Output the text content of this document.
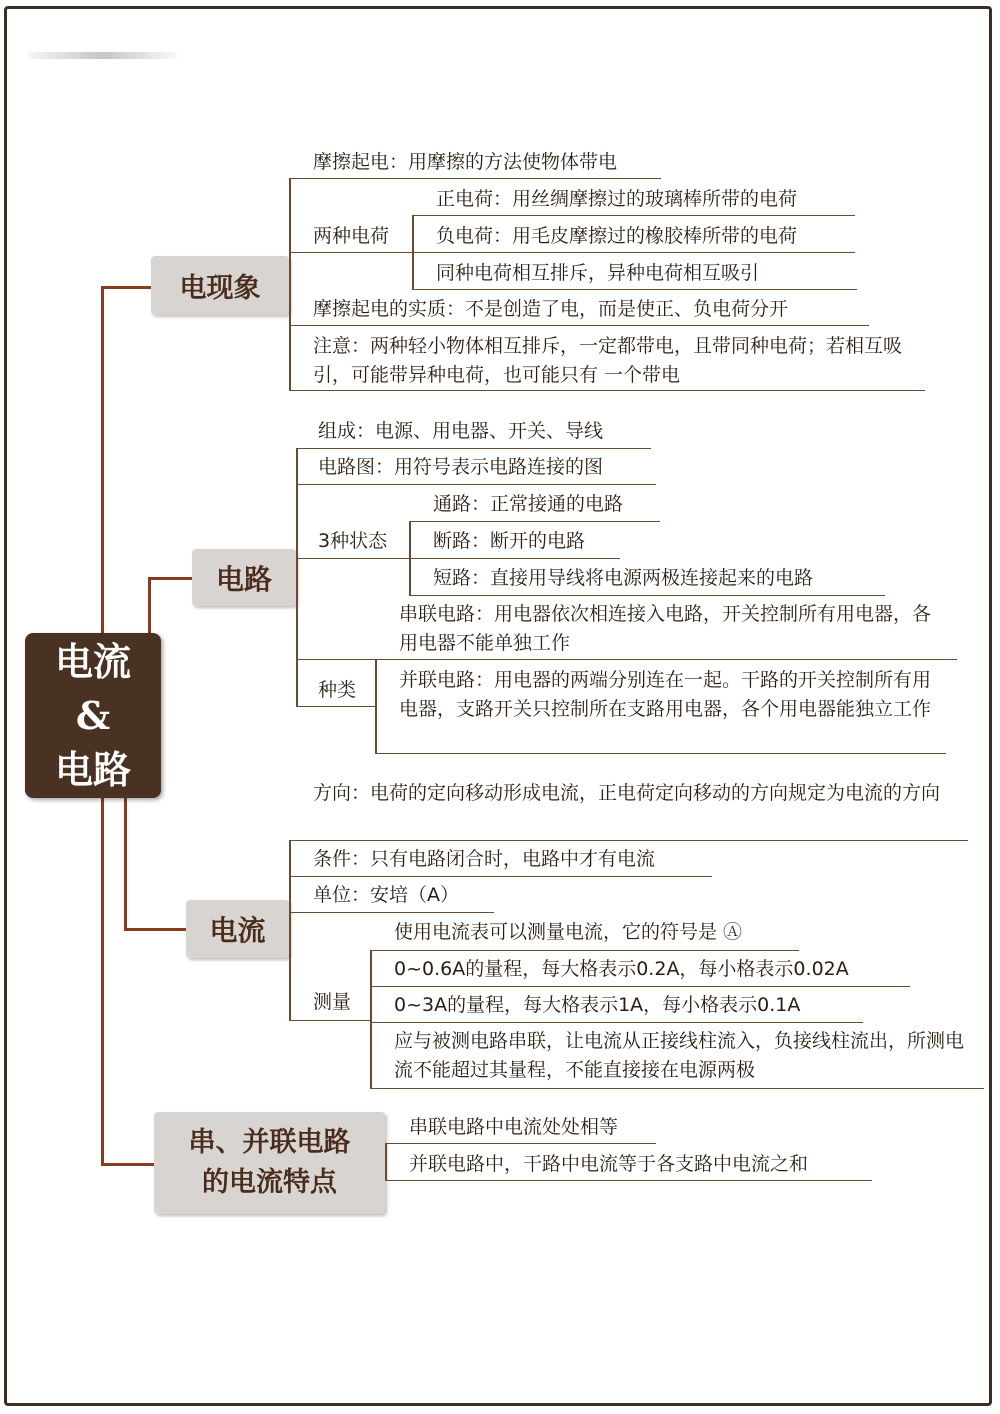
电流
&
电路
电现象
摩擦起电：用摩擦的方法使物体带电
正电荷：用丝绸摩擦过的玻璃棒所带的电荷
两种电荷 负电荷：用毛皮摩擦过的橡胶棒所带的电荷
同种电荷相互排斥，异种电荷相互吸引
摩擦起电的实质：不是创造了电，而是使正、负电荷分开
注意：两种轻小物体相互排斥，一定都带电，且带同种电荷；若相互吸引，可能带异种电荷，也可能只有 一个带电
电路
组成：电源、用电器、开关、导线
电路图：用符号表示电路连接的图
通路：正常接通的电路
3种状态 断路：断开的电路
短路：直接用导线将电源两极连接起来的电路
串联电路：用电器依次相连接入电路，开关控制所有用电器，各用电器不能单独工作
种类 并联电路：用电器的两端分别连在一起。干路的开关控制所有用电器，支路开关只控制所在支路用电器，各个用电器能独立工作
电流
方向：电荷的定向移动形成电流，正电荷定向移动的方向规定为电流的方向
条件：只有电路闭合时，电路中才有电流
单位：安培（A）
使用电流表可以测量电流，它的符号是 Ⓐ
0~0.6A的量程，每大格表示0.2A，每小格表示0.02A
测量 0~3A的量程，每大格表示1A，每小格表示0.1A
应与被测电路串联，让电流从正接线柱流入，负接线柱流出，所测电流不能超过其量程，不能直接接在电源两极
串、并联电路
的电流特点
串联电路中电流处处相等
并联电路中，干路中电流等于各支路中电流之和
